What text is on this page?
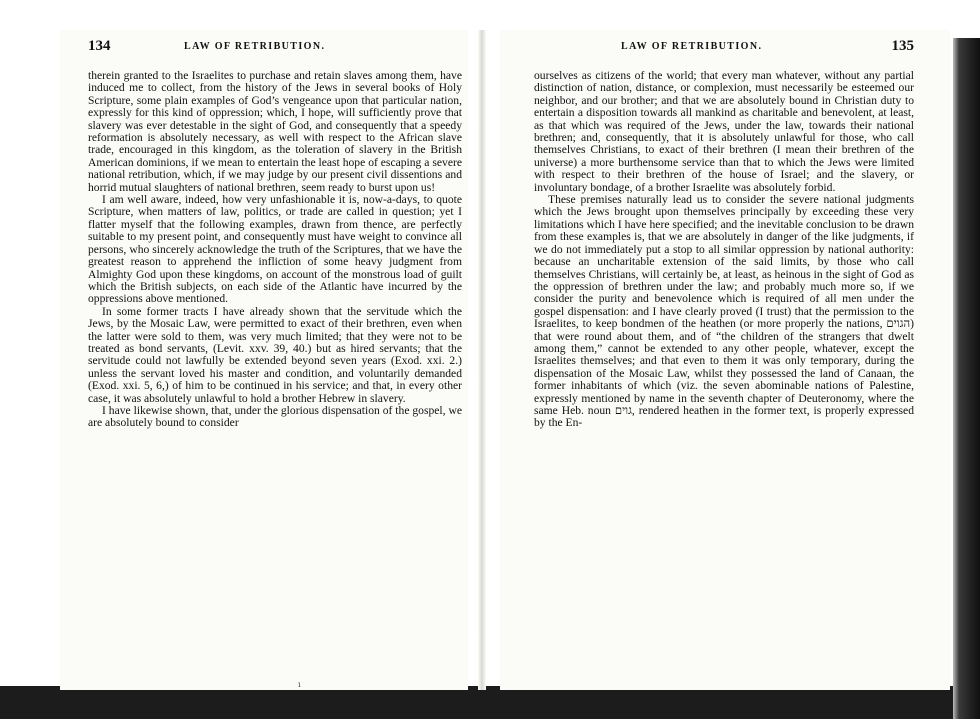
134	LAW OF RETRIBUTION.

therein granted to the Israelites to purchase and retain slaves among them, have induced me to collect, from the history of the Jews in several books of Holy Scripture, some plain examples of God’s vengeance upon that particular nation, expressly for this kind of oppression; which, I hope, will sufficiently prove that slavery was ever detestable in the sight of God, and consequently that a speedy reformation is absolutely necessary, as well with respect to the African slave trade, encouraged in this kingdom, as the toleration of slavery in the British American dominions, if we mean to entertain the least hope of escaping a severe national retribution, which, if we may judge by our present civil dissentions and horrid mutual slaughters of national brethren, seem ready to burst upon us!

I am well aware, indeed, how very unfashionable it is, now-a-days, to quote Scripture, when matters of law, politics, or trade are called in question; yet I flatter myself that the following examples, drawn from thence, are perfectly suitable to my present point, and consequently must have weight to convince all persons, who sincerely acknowledge the truth of the Scriptures, that we have the greatest reason to apprehend the infliction of some heavy judgment from Almighty God upon these kingdoms, on account of the monstrous load of guilt which the British subjects, on each side of the Atlantic have incurred by the oppressions above mentioned.

In some former tracts I have already shown that the servitude which the Jews, by the Mosaic Law, were permitted to exact of their brethren, even when the latter were sold to them, was very much limited; that they were not to be treated as bond servants, (Levit. xxv. 39, 40.) but as hired servants; that the servitude could not lawfully be extended beyond seven years (Exod. xxi. 2.) unless the servant loved his master and condition, and voluntarily demanded (Exod. xxi. 5, 6,) of him to be continued in his service; and that, in every other case, it was absolutely unlawful to hold a brother Hebrew in slavery.

I have likewise shown, that, under the glorious dispensation of the gospel, we are absolutely bound to consider

ı
LAW OF RETRIBUTION.	135

ourselves as citizens of the world; that every man whatever, without any partial distinction of nation, distance, or complexion, must necessarily be esteemed our neighbor, and our brother; and that we are absolutely bound in Christian duty to entertain a disposition towards all mankind as charitable and benevolent, at least, as that which was required of the Jews, under the law, towards their national brethren; and, consequently, that it is absolutely unlawful for those, who call themselves Christians, to exact of their brethren (I mean their brethren of the universe) a more burthensome service than that to which the Jews were limited with respect to their brethren of the house of Israel; and the slavery, or involuntary bondage, of a brother Israelite was absolutely forbid.

These premises naturally lead us to consider the severe national judgments which the Jews brought upon themselves principally by exceeding these very limitations which I have here specified; and the inevitable conclusion to be drawn from these examples is, that we are absolutely in danger of the like judgments, if we do not immediately put a stop to all similar oppression by national authority: because an uncharitable extension of the said limits, by those who call themselves Christians, will certainly be, at least, as heinous in the sight of God as the oppression of brethren under the law; and probably much more so, if we consider the purity and benevolence which is required of all men under the gospel dispensation: and I have clearly proved (I trust) that the permission to the Israelites, to keep bondmen of the heathen (or more properly the nations, הגוים) that were round about them, and of “the children of the strangers that dwelt among them,” cannot be extended to any other people, whatever, except the Israelites themselves; and that even to them it was only temporary, during the dispensation of the Mosaic Law, whilst they possessed the land of Canaan, the former inhabitants of which (viz. the seven abominable nations of Palestine, expressly mentioned by name in the seventh chapter of Deuteronomy, where the same Heb. noun גוים, rendered heathen in the former text, is properly expressed by the En-
